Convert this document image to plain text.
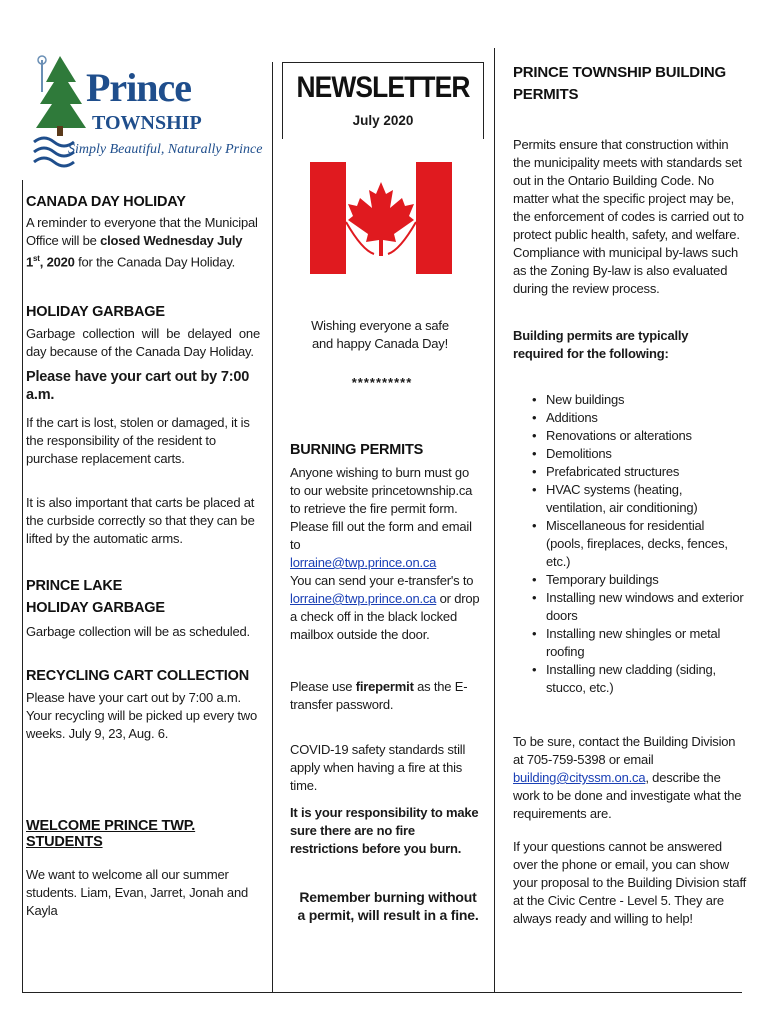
Prince
TOWNSHIP
Simply Beautiful, Naturally Prince
NEWSLETTER
July 2020
CANADA DAY HOLIDAY

A reminder to everyone that the Municipal Office will be closed Wednesday July 1st, 2020 for the Canada Day Holiday.

HOLIDAY GARBAGE

Garbage collection will be delayed one day because of the Canada Day Holiday.

Please have your cart out by 7:00 a.m.

If the cart is lost, stolen or damaged, it is the responsibility of the resident to purchase replacement carts.

It is also important that carts be placed at the curbside correctly so that they can be lifted by the automatic arms.

PRINCE LAKE
HOLIDAY GARBAGE

Garbage collection will be as scheduled.

RECYCLING CART COLLECTION

Please have your cart out by 7:00 a.m. Your recycling will be picked up every two weeks. July 9, 23, Aug. 6.

WELCOME PRINCE TWP. STUDENTS

We want to welcome all our summer students. Liam, Evan, Jarret, Jonah and Kayla

Wishing everyone a safe and happy Canada Day!

**********

BURNING PERMITS

Anyone wishing to burn must go to our website princetownship.ca to retrieve the fire permit form. Please fill out the form and email to
lorraine@twp.prince.on.ca
You can send your e-transfer's to
lorraine@twp.prince.on.ca or drop a check off in the black locked mailbox outside the door.

Please use firepermit as the E-transfer password.

COVID-19 safety standards still apply when having a fire at this time.

It is your responsibility to make sure there are no fire restrictions before you burn.

Remember burning without a permit, will result in a fine.

PRINCE TOWNSHIP BUILDING PERMITS

Permits ensure that construction within the municipality meets with standards set out in the Ontario Building Code. No matter what the specific project may be, the enforcement of codes is carried out to protect public health, safety, and welfare. Compliance with municipal by-laws such as the Zoning By-law is also evaluated during the review process.

Building permits are typically required for the following:

• New buildings
• Additions
• Renovations or alterations
• Demolitions
• Prefabricated structures
• HVAC systems (heating, ventilation, air conditioning)
• Miscellaneous for residential (pools, fireplaces, decks, fences, etc.)
• Temporary buildings
• Installing new windows and exterior doors
• Installing new shingles or metal roofing
• Installing new cladding (siding, stucco, etc.)

To be sure, contact the Building Division at 705-759-5398 or email building@cityssm.on.ca, describe the work to be done and investigate what the requirements are.

If your questions cannot be answered over the phone or email, you can show your proposal to the Building Division staff at the Civic Centre - Level 5. They are always ready and willing to help!
